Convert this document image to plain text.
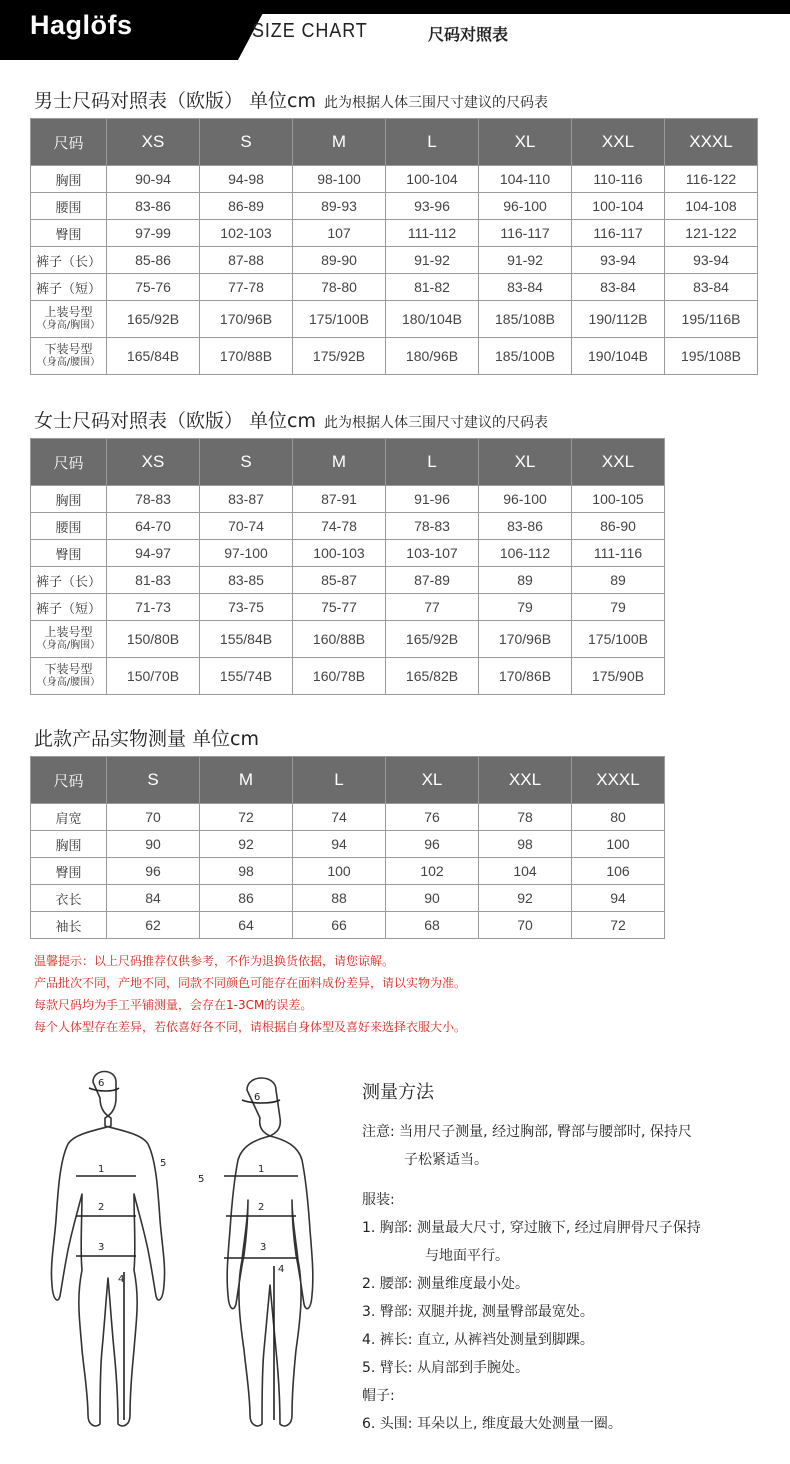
Haglöfs	SIZE CHART	尺码对照表
男士尺码对照表（欧版） 单位cm 此为根据人体三围尺寸建议的尺码表
尺码	XS	S	M	L	XL	XXL	XXXL
胸围	90-94	94-98	98-100	100-104	104-110	110-116	116-122
腰围	83-86	86-89	89-93	93-96	96-100	100-104	104-108
臀围	97-99	102-103	107	111-112	116-117	116-117	121-122
裤子（长）	85-86	87-88	89-90	91-92	91-92	93-94	93-94
裤子（短）	75-76	77-78	78-80	81-82	83-84	83-84	83-84
上装号型
（身高/胸围）	165/92B	170/96B	175/100B	180/104B	185/108B	190/112B	195/116B
下装号型
（身高/腰围）	165/84B	170/88B	175/92B	180/96B	185/100B	190/104B	195/108B
女士尺码对照表（欧版） 单位cm 此为根据人体三围尺寸建议的尺码表
尺码	XS	S	M	L	XL	XXL
胸围	78-83	83-87	87-91	91-96	96-100	100-105
腰围	64-70	70-74	74-78	78-83	83-86	86-90
臀围	94-97	97-100	100-103	103-107	106-112	111-116
裤子（长）	81-83	83-85	85-87	87-89	89	89
裤子（短）	71-73	73-75	75-77	77	79	79
上装号型
（身高/胸围）	150/80B	155/84B	160/88B	165/92B	170/96B	175/100B
下装号型
（身高/腰围）	150/70B	155/74B	160/78B	165/82B	170/86B	175/90B
此款产品实物测量 单位cm
尺码	S	M	L	XL	XXL	XXXL
肩宽	70	72	74	76	78	80
胸围	90	92	94	96	98	100
臀围	96	98	100	102	104	106
衣长	84	86	88	90	92	94
袖长	62	64	66	68	70	72
温馨提示：以上尺码推荐仅供参考，不作为退换货依据，请您谅解。
产品批次不同，产地不同，同款不同颜色可能存在面料成份差异，请以实物为准。
每款尺码均为手工平铺测量，会存在1-3CM的误差。
每个人体型存在差异，若依喜好各不同，请根据自身体型及喜好来选择衣服大小。
6
1
2
3
4
5
6
1
2
3
4
5
测量方法
注意: 当用尺子测量, 经过胸部, 臀部与腰部时, 保持尺
子松紧适当。
服装:
1. 胸部: 测量最大尺寸, 穿过腋下, 经过肩胛骨尺子保持
与地面平行。
2. 腰部: 测量维度最小处。
3. 臀部: 双腿并拢, 测量臀部最宽处。
4. 裤长: 直立, 从裤裆处测量到脚踝。
5. 臂长: 从肩部到手腕处。
帽子:
6. 头围: 耳朵以上, 维度最大处测量一圈。
